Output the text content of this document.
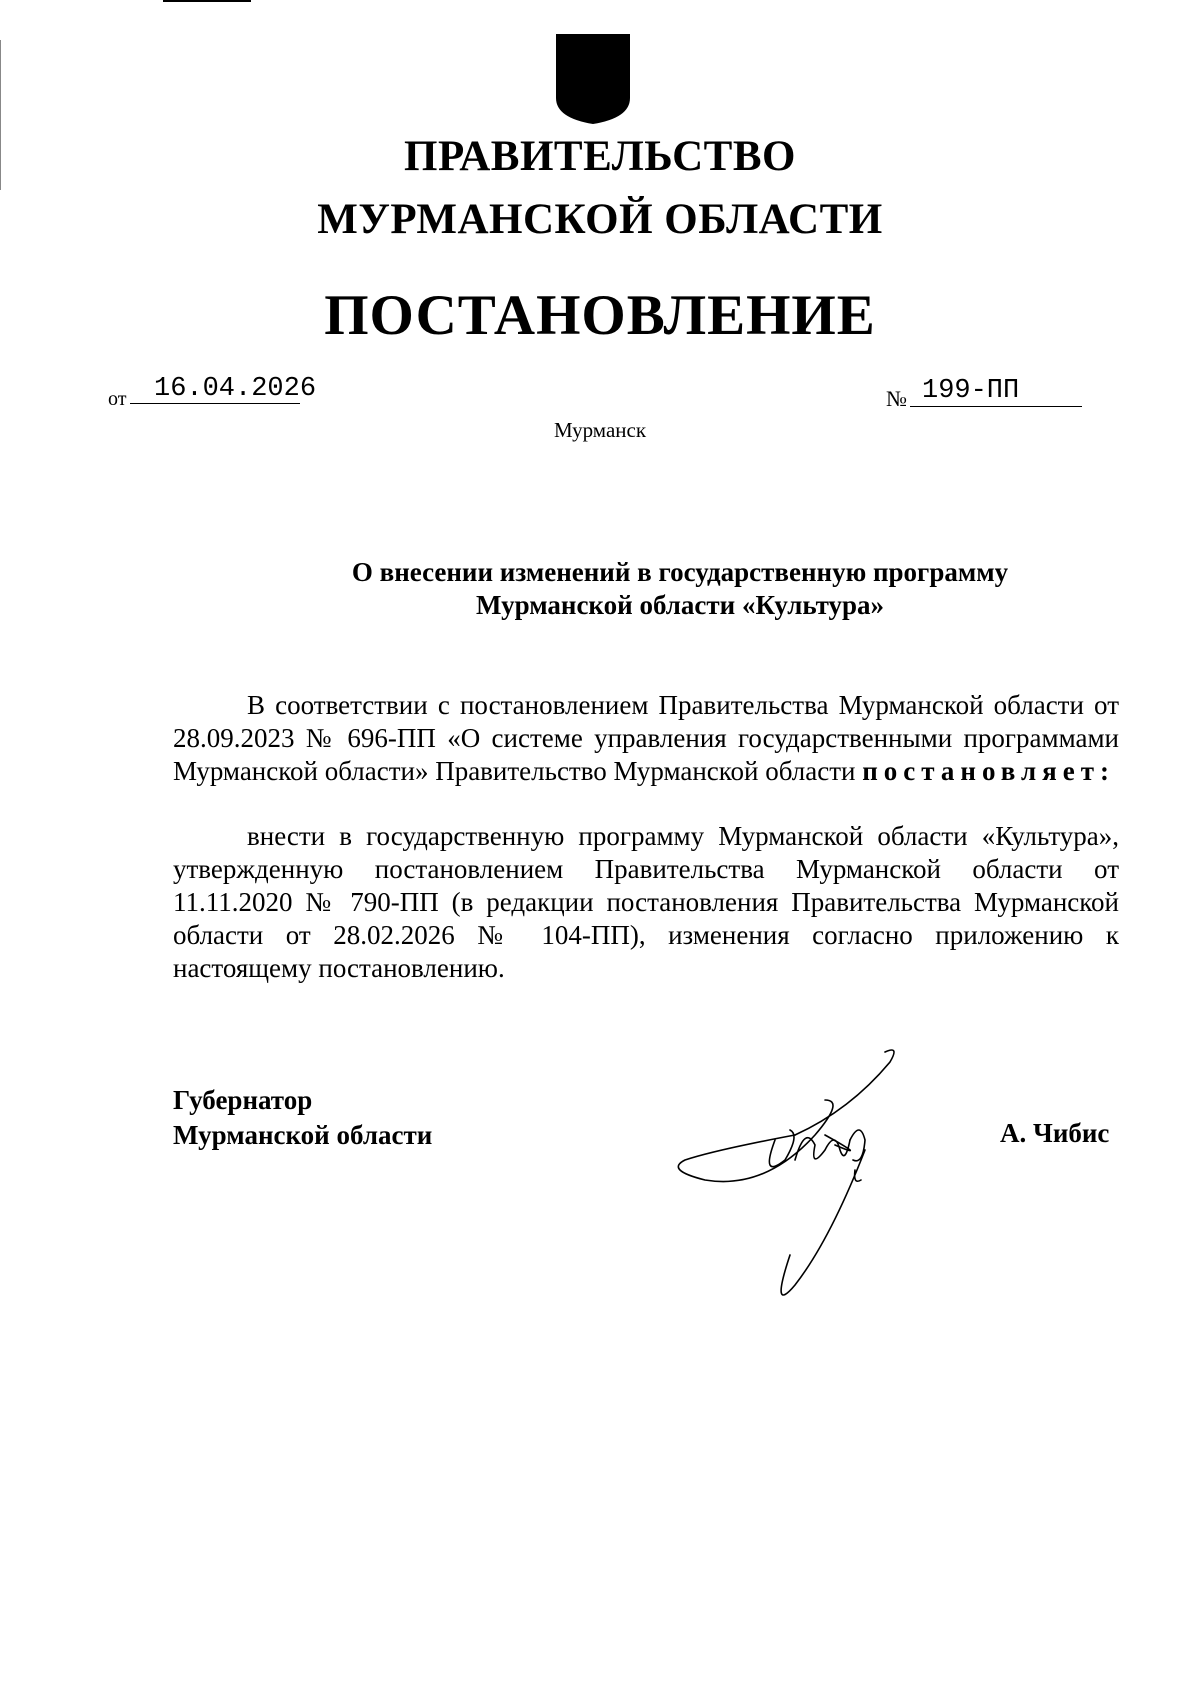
ПРАВИТЕЛЬСТВО
МУРМАНСКОЙ ОБЛАСТИ
ПОСТАНОВЛЕНИЕ
от 16.04.2026	№ 199-ПП
Мурманск
О внесении изменений в государственную программу
Мурманской области «Культура»

В соответствии с постановлением Правительства Мурманской области от 28.09.2023 № 696-ПП «О системе управления государственными программами Мурманской области» Правительство Мурманской области постановляет:

внести в государственную программу Мурманской области «Культура», утвержденную постановлением Правительства Мурманской области от 11.11.2020 № 790-ПП (в редакции постановления Правительства Мурманской области от 28.02.2026 № 104-ПП), изменения согласно приложению к настоящему постановлению.

Губернатор
Мурманской области	А. Чибис
